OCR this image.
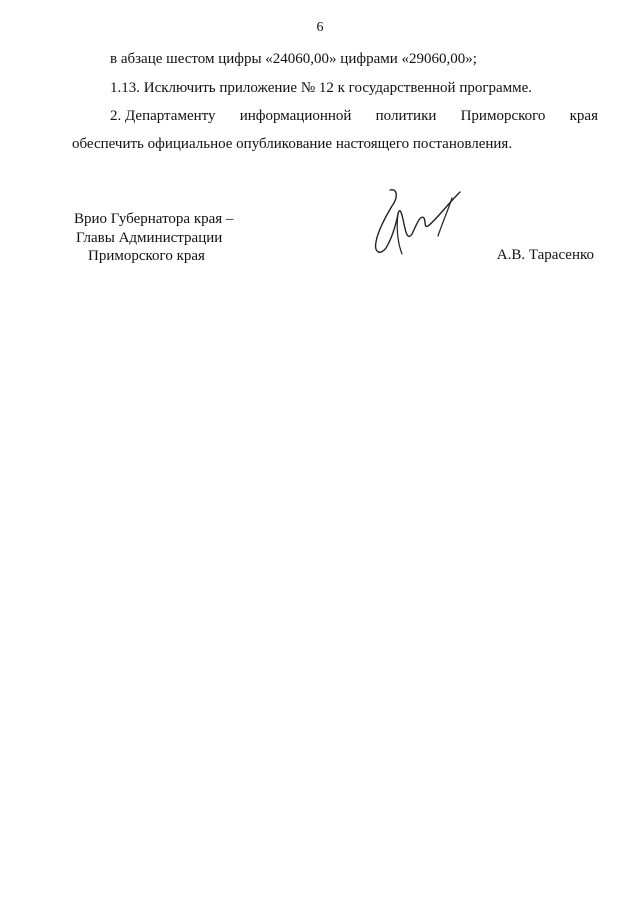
6
в абзаце шестом цифры «24060,00» цифрами «29060,00»;
1.13. Исключить приложение № 12 к государственной программе.
2. Департаменту информационной политики Приморского края
обеспечить официальное опубликование настоящего постановления.
Врио Губернатора края –
Главы Администрации
Приморского края	А.В. Тарасенко
